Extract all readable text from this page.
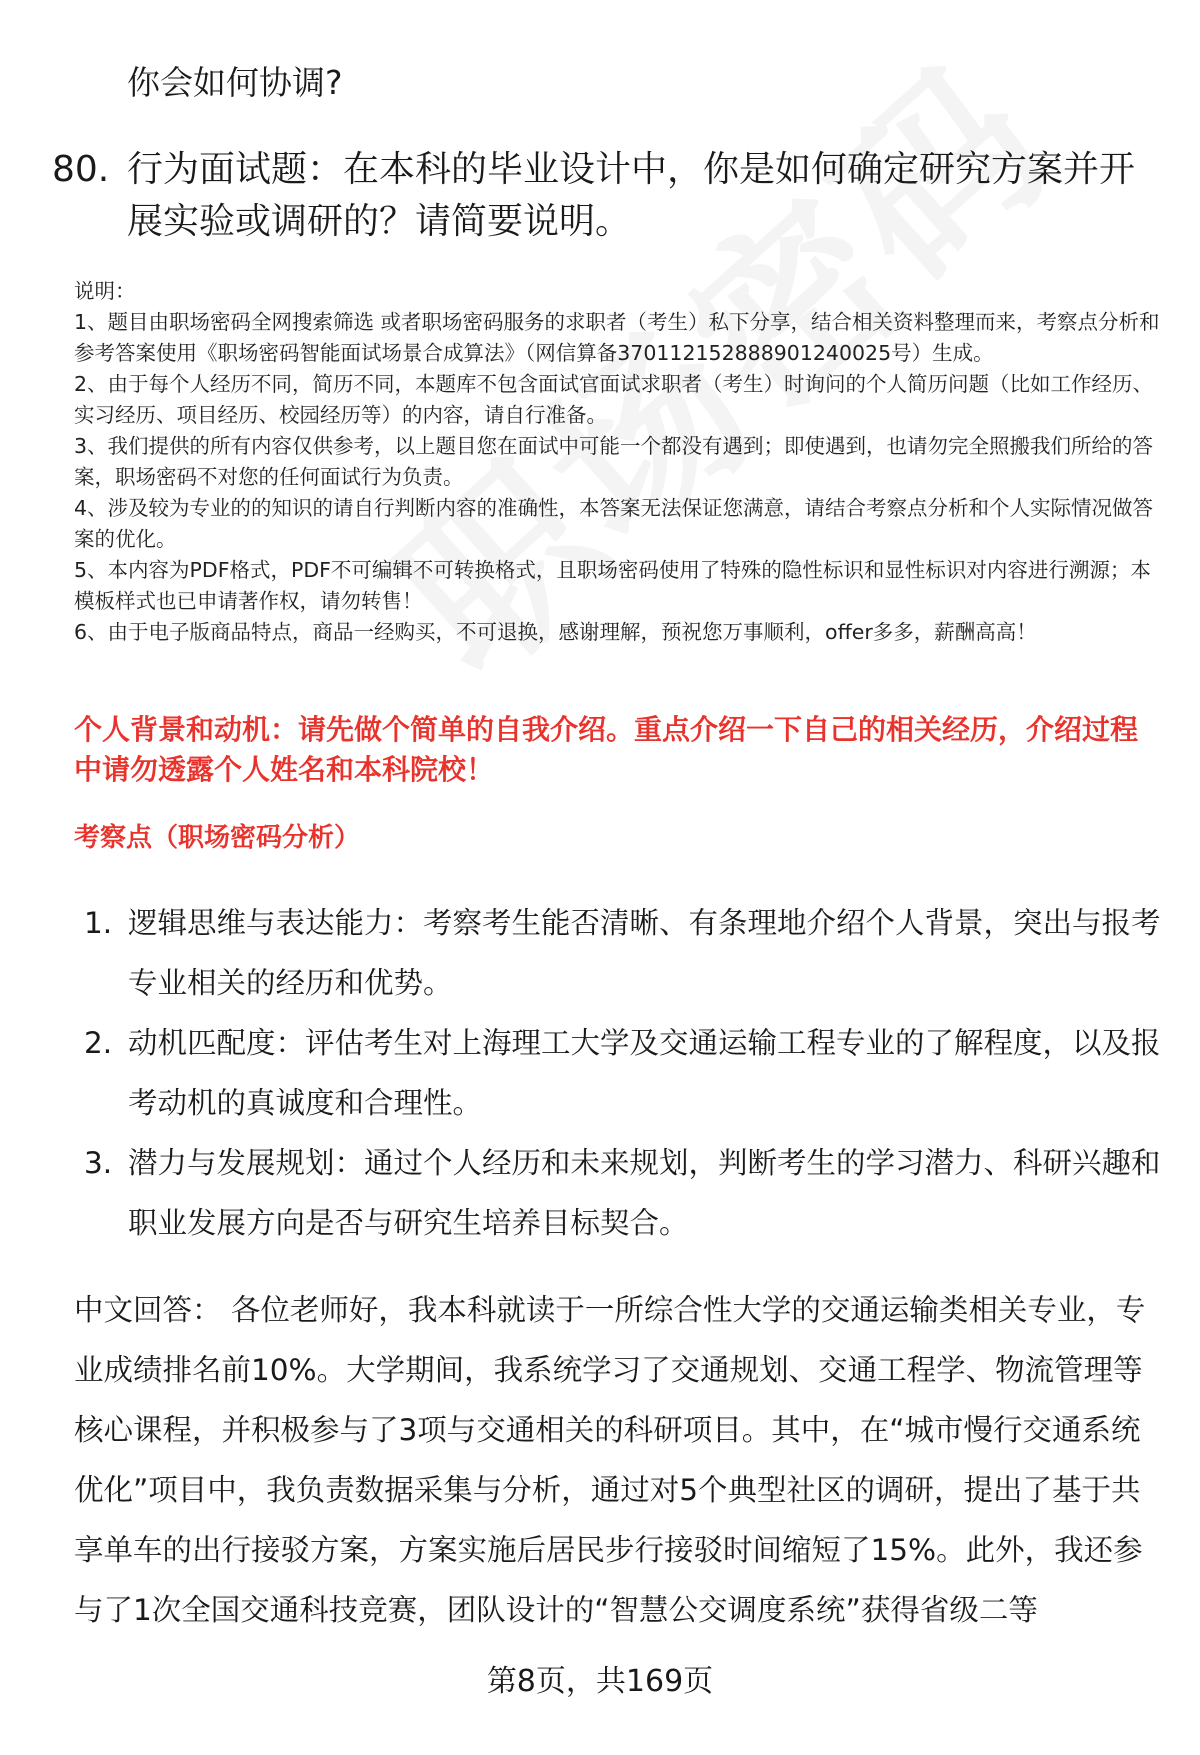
你会如何协调?
80. 行为面试题：在本科的毕业设计中，你是如何确定研究方案并开展实验或调研的？请简要说明。
说明：
1、题目由职场密码全网搜索筛选 或者职场密码服务的求职者（考生）私下分享，结合相关资料整理而来，考察点分析和参考答案使用《职场密码智能面试场景合成算法》（网信算备370112152888901240025号）生成。
2、由于每个人经历不同，简历不同，本题库不包含面试官面试求职者（考生）时询问的个人简历问题（比如工作经历、实习经历、项目经历、校园经历等）的内容，请自行准备。
3、我们提供的所有内容仅供参考，以上题目您在面试中可能一个都没有遇到；即使遇到，也请勿完全照搬我们所给的答案，职场密码不对您的任何面试行为负责。
4、涉及较为专业的的知识的请自行判断内容的准确性，本答案无法保证您满意，请结合考察点分析和个人实际情况做答案的优化。
5、本内容为PDF格式，PDF不可编辑不可转换格式，且职场密码使用了特殊的隐性标识和显性标识对内容进行溯源；本模板样式也已申请著作权，请勿转售！
6、由于电子版商品特点，商品一经购买，不可退换，感谢理解，预祝您万事顺利，offer多多，薪酬高高！
个人背景和动机：请先做个简单的自我介绍。重点介绍一下自己的相关经历，介绍过程中请勿透露个人姓名和本科院校！
考察点（职场密码分析）
1. 逻辑思维与表达能力：考察考生能否清晰、有条理地介绍个人背景，突出与报考专业相关的经历和优势。
2. 动机匹配度：评估考生对上海理工大学及交通运输工程专业的了解程度，以及报考动机的真诚度和合理性。
3. 潜力与发展规划：通过个人经历和未来规划，判断考生的学习潜力、科研兴趣和职业发展方向是否与研究生培养目标契合。
中文回答： 各位老师好，我本科就读于一所综合性大学的交通运输类相关专业，专业成绩排名前10%。大学期间，我系统学习了交通规划、交通工程学、物流管理等核心课程，并积极参与了3项与交通相关的科研项目。其中，在“城市慢行交通系统优化”项目中，我负责数据采集与分析，通过对5个典型社区的调研，提出了基于共享单车的出行接驳方案，方案实施后居民步行接驳时间缩短了15%。此外，我还参与了1次全国交通科技竞赛，团队设计的“智慧公交调度系统”获得省级二等
第8页，共169页
